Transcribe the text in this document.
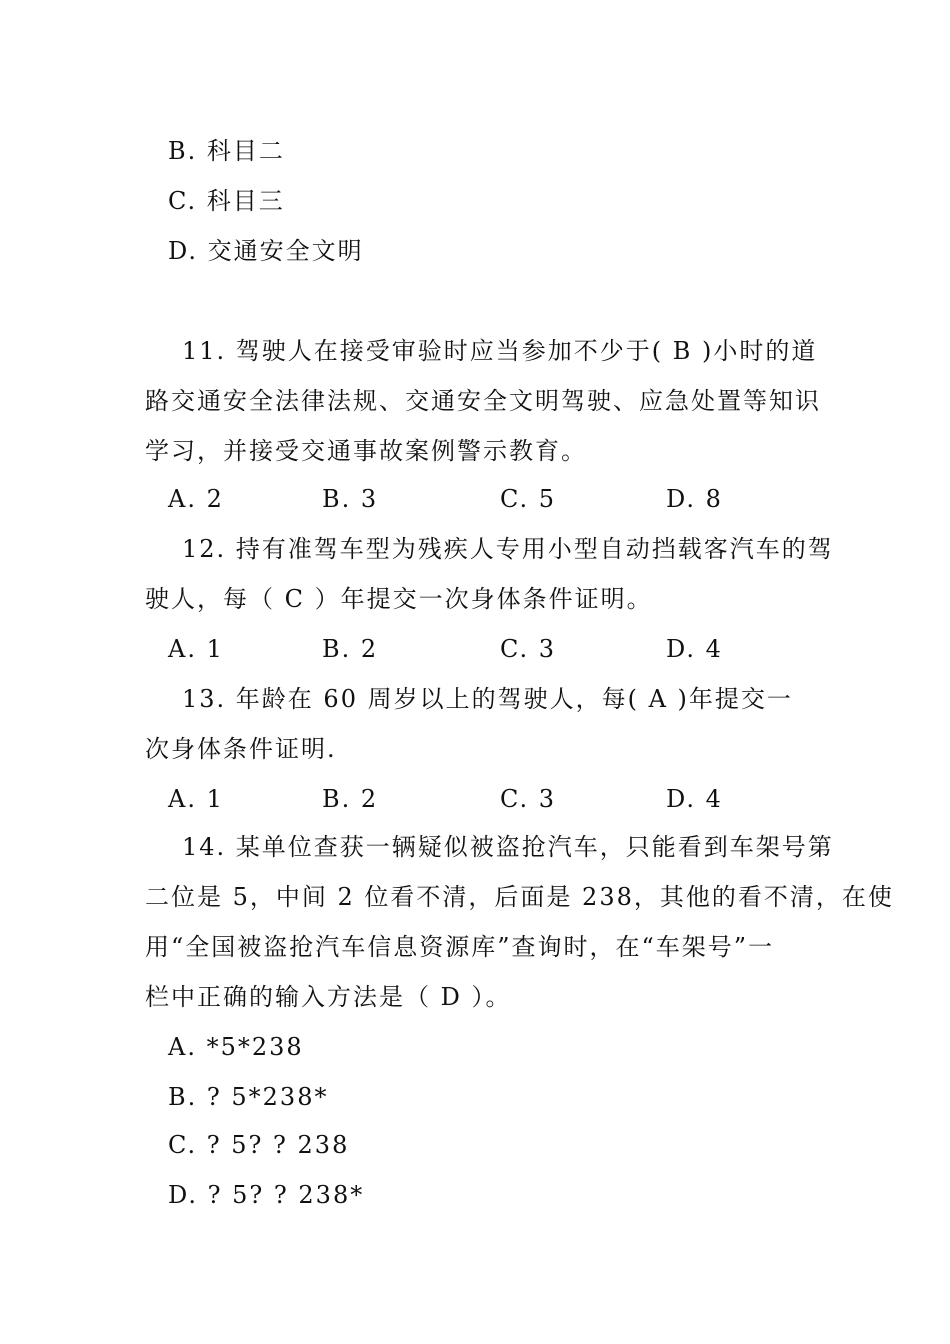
B. 科目二
C. 科目三
D. 交通安全文明
11. 驾驶人在接受审验时应当参加不少于( B )小时的道
路交通安全法律法规、交通安全文明驾驶、应急处置等知识
学习，并接受交通事故案例警示教育。
A. 2	B. 3	C. 5	D. 8
12. 持有准驾车型为残疾人专用小型自动挡载客汽车的驾
驶人，每（ C ）年提交一次身体条件证明。
A. 1	B. 2	C. 3	D. 4
13. 年龄在 60 周岁以上的驾驶人，每( A )年提交一
次身体条件证明.
A. 1	B. 2	C. 3	D. 4
14. 某单位查获一辆疑似被盗抢汽车，只能看到车架号第
二位是 5，中间 2 位看不清，后面是 238，其他的看不清，在使
用“全国被盗抢汽车信息资源库”查询时，在“车架号”一
栏中正确的输入方法是（ D ）。
A. *5*238
B. ? 5*238*
C. ? 5? ? 238
D. ? 5? ? 238*
